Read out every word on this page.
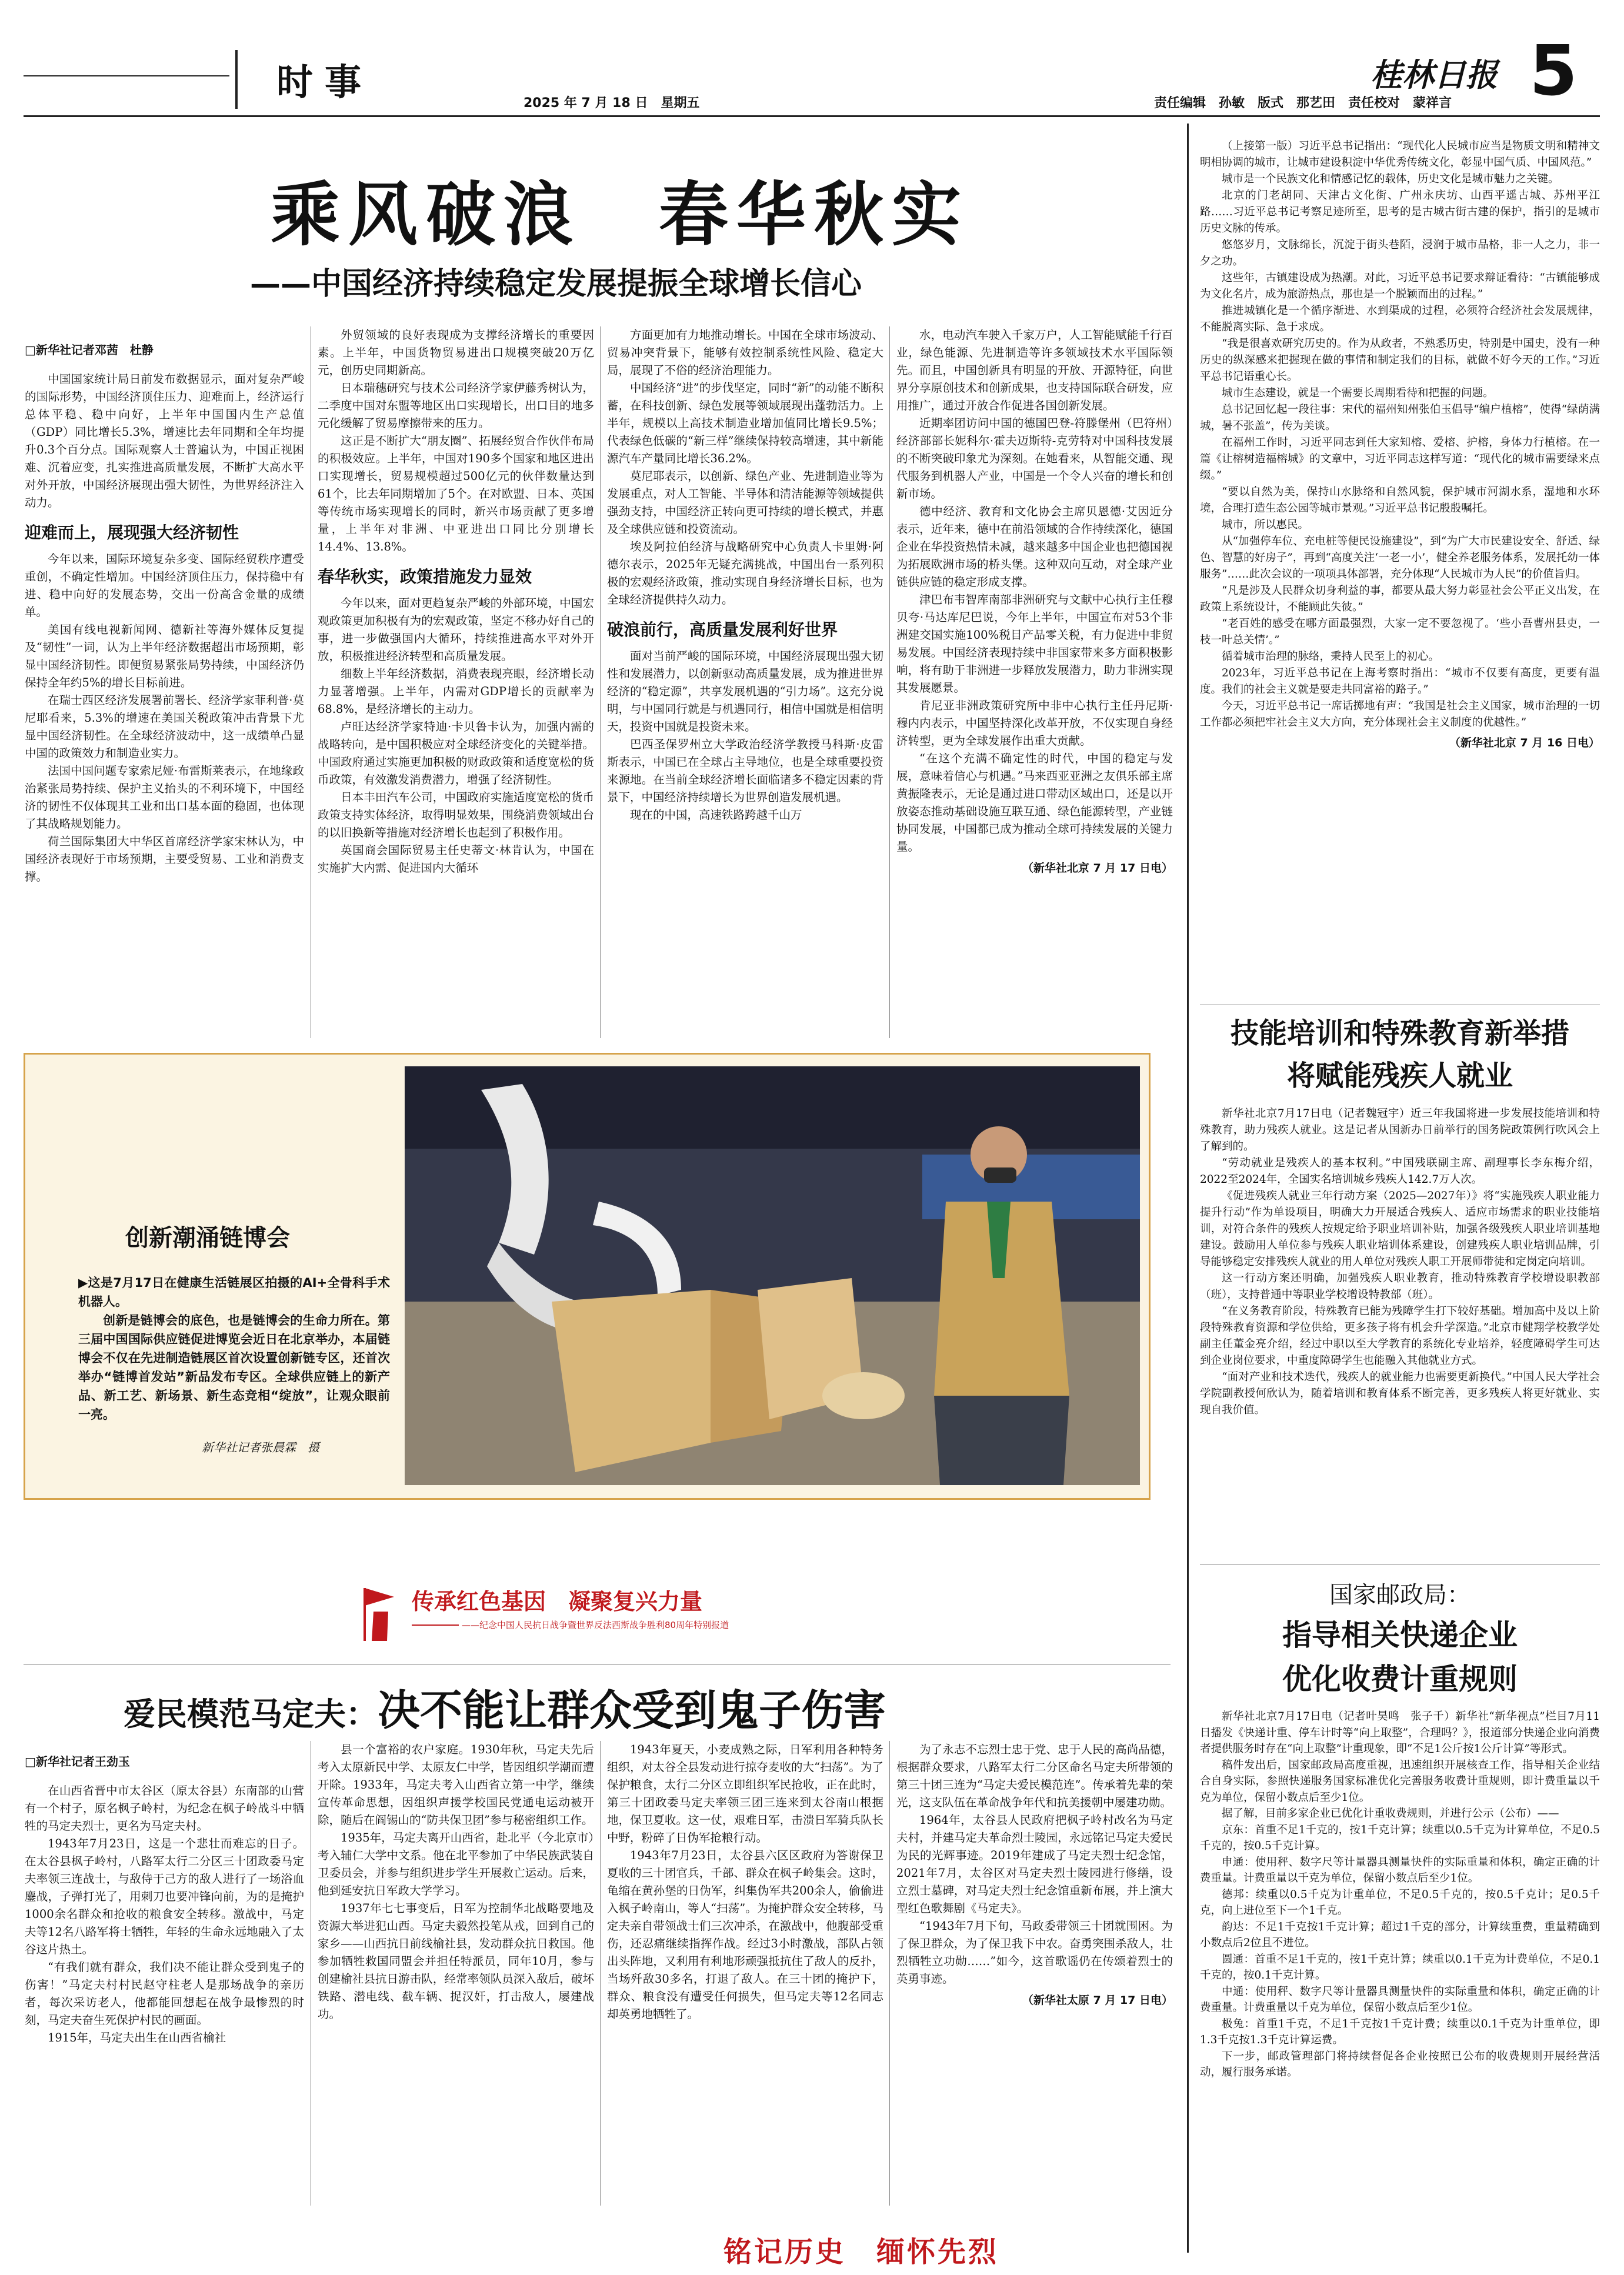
时事	2025 年 7 月 18 日　星期五	责任编辑　孙敏　版式　那艺田　责任校对　蒙祥言
桂林日报 5
乘风破浪　春华秋实
——中国经济持续稳定发展提振全球增长信心
□新华社记者邓茜　杜静

中国国家统计局日前发布数据显示，面对复杂严峻的国际形势，中国经济顶住压力、迎难而上，经济运行总体平稳、稳中向好，上半年中国国内生产总值（GDP）同比增长5.3%，增速比去年同期和全年均提升0.3个百分点。国际观察人士普遍认为，中国正视困难、沉着应变，扎实推进高质量发展，不断扩大高水平对外开放，中国经济展现出强大韧性，为世界经济注入动力。

迎难而上，展现强大经济韧性

今年以来，国际环境复杂多变、国际经贸秩序遭受重创，不确定性增加。中国经济顶住压力，保持稳中有进、稳中向好的发展态势，交出一份高含金量的成绩单。

美国有线电视新闻网、德新社等海外媒体反复提及“韧性”一词，认为上半年经济数据超出市场预期，彰显中国经济韧性。即便贸易紧张局势持续，中国经济仍保持全年约5%的增长目标前进。

在瑞士西区经济发展署前署长、经济学家菲利普·莫尼耶看来，5.3%的增速在美国关税政策冲击背景下尤显中国经济韧性。在全球经济波动中，这一成绩单凸显中国的政策效力和制造业实力。

法国中国问题专家索尼娅·布雷斯莱表示，在地缘政治紧张局势持续、保护主义抬头的不利环境下，中国经济的韧性不仅体现其工业和出口基本面的稳固，也体现了其战略规划能力。

荷兰国际集团大中华区首席经济学家宋林认为，中国经济表现好于市场预期，主要受贸易、工业和消费支撑。

外贸领域的良好表现成为支撑经济增长的重要因素。上半年，中国货物贸易进出口规模突破20万亿元，创历史同期新高。

日本瑞穗研究与技术公司经济学家伊藤秀树认为，二季度中国对东盟等地区出口实现增长，出口目的地多元化缓解了贸易摩擦带来的压力。

这正是不断扩大“朋友圈”、拓展经贸合作伙伴布局的积极效应。上半年，中国对190多个国家和地区进出口实现增长，贸易规模超过500亿元的伙伴数量达到61个，比去年同期增加了5个。在对欧盟、日本、英国等传统市场实现增长的同时，新兴市场贡献了更多增量，上半年对非洲、中亚进出口同比分别增长14.4%、13.8%。

春华秋实，政策措施发力显效

今年以来，面对更趋复杂严峻的外部环境，中国宏观政策更加积极有为的宏观政策，坚定不移办好自己的事，进一步做强国内大循环，持续推进高水平对外开放，积极推进经济转型和高质量发展。

细数上半年经济数据，消费表现亮眼，经济增长动力显著增强。上半年，内需对GDP增长的贡献率为68.8%，是经济增长的主动力。

卢旺达经济学家特迪·卡贝鲁卡认为，加强内需的战略转向，是中国积极应对全球经济变化的关键举措。中国政府通过实施更加积极的财政政策和适度宽松的货币政策，有效激发消费潜力，增强了经济韧性。

日本丰田汽车公司，中国政府实施适度宽松的货币政策支持实体经济，取得明显效果，围绕消费领域出台的以旧换新等措施对经济增长也起到了积极作用。

英国商会国际贸易主任史蒂文·林肯认为，中国在实施扩大内需、促进国内大循环

方面更加有力地推动增长。中国在全球市场波动、贸易冲突背景下，能够有效控制系统性风险、稳定大局，展现了不俗的经济治理能力。

中国经济“进”的步伐坚定，同时“新”的动能不断积蓄，在科技创新、绿色发展等领域展现出蓬勃活力。上半年，规模以上高技术制造业增加值同比增长9.5%；代表绿色低碳的“新三样”继续保持较高增速，其中新能源汽车产量同比增长36.2%。

莫尼耶表示，以创新、绿色产业、先进制造业等为发展重点，对人工智能、半导体和清洁能源等领域提供强劲支持，中国经济正转向更可持续的增长模式，并惠及全球供应链和投资流动。

埃及阿拉伯经济与战略研究中心负责人卡里姆·阿德尔表示，2025年无疑充满挑战，中国出台一系列积极的宏观经济政策，推动实现自身经济增长目标，也为全球经济提供持久动力。

破浪前行，高质量发展利好世界

面对当前严峻的国际环境，中国经济展现出强大韧性和发展潜力，以创新驱动高质量发展，成为推进世界经济的“稳定源”，共享发展机遇的“引力场”。这充分说明，与中国同行就是与机遇同行，相信中国就是相信明天，投资中国就是投资未来。

巴西圣保罗州立大学政治经济学教授马科斯·皮雷斯表示，中国已在全球占主导地位，也是全球重要投资来源地。在当前全球经济增长面临诸多不稳定因素的背景下，中国经济持续增长为世界创造发展机遇。

现在的中国，高速铁路跨越千山万

水，电动汽车驶入千家万户，人工智能赋能千行百业，绿色能源、先进制造等许多领域技术水平国际领先。而且，中国创新具有明显的开放、开源特征，向世界分享原创技术和创新成果，也支持国际联合研发，应用推广，通过开放合作促进各国创新发展。

近期率团访问中国的德国巴登-符滕堡州（巴符州）经济部部长妮科尔·霍夫迈斯特-克劳特对中国科技发展的不断突破印象尤为深刻。在她看来，从智能交通、现代服务到机器人产业，中国是一个令人兴奋的增长和创新市场。

德中经济、教育和文化协会主席贝恩德·艾因近分表示，近年来，德中在前沿领域的合作持续深化，德国企业在华投资热情未减，越来越多中国企业也把德国视为拓展欧洲市场的桥头堡。这种双向互动，对全球产业链供应链的稳定形成支撑。

津巴布韦智库南部非洲研究与文献中心执行主任穆贝夸·马达库尼巴说，今年上半年，中国宣布对53个非洲建交国实施100%税目产品零关税，有力促进中非贸易发展。中国经济表现持续中非国家带来多方面积极影响，将有助于非洲进一步释放发展潜力，助力非洲实现其发展愿景。

肯尼亚非洲政策研究所中非中心执行主任丹尼斯·穆内内表示，中国坚持深化改革开放，不仅实现自身经济转型，更为全球发展作出重大贡献。

“在这个充满不确定性的时代，中国的稳定与发展，意味着信心与机遇。”马来西亚亚洲之友俱乐部主席黄振隆表示，无论是通过进口带动区域出口，还是以开放姿态推动基础设施互联互通、绿色能源转型，产业链协同发展，中国都已成为推动全球可持续发展的关键力量。

（新华社北京 7 月 17 日电）
创新潮涌链博会
▶这是7月17日在健康生活链展区拍摄的AI+全骨科手术机器人。
创新是链博会的底色，也是链博会的生命力所在。第三届中国国际供应链促进博览会近日在北京举办，本届链博会不仅在先进制造链展区首次设置创新链专区，还首次举办“链博首发站”新品发布专区。全球供应链上的新产品、新工艺、新场景、新生态竞相“绽放”，让观众眼前一亮。
新华社记者张晨霖　摄
传承红色基因　凝聚复兴力量
——纪念中国人民抗日战争暨世界反法西斯战争胜利80周年特别报道
爱民模范马定夫：决不能让群众受到鬼子伤害
□新华社记者王劲玉

在山西省晋中市太谷区（原太谷县）东南部的山营有一个村子，原名枫子岭村，为纪念在枫子岭战斗中牺牲的马定夫烈士，更名为马定夫村。

1943年7月23日，这是一个悲壮而难忘的日子。在太谷县枫子岭村，八路军太行二分区三十团政委马定夫率领三连战士，与敌侍于己方的敌人进行了一场浴血鏖战，子弹打光了，用刺刀也要冲锋向前，为的是掩护1000余名群众和抢收的粮食安全转移。激战中，马定夫等12名八路军将士牺牲，年轻的生命永远地融入了太谷这片热土。

“有我们就有群众，我们决不能让群众受到鬼子的伤害！”马定夫村村民赵守柱老人是那场战争的亲历者，每次采访老人，他都能回想起在战争最惨烈的时刻，马定夫奋生死保护村民的画面。

1915年，马定夫出生在山西省榆社

县一个富裕的农户家庭。1930年秋，马定夫先后考入太原新民中学、太原友仁中学，皆因组织学潮而遭开除。1933年，马定夫考入山西省立第一中学，继续宣传革命思想，因组织声援学校国民党通电运动被开除，随后在阎锡山的“防共保卫团”参与秘密组织工作。

1935年，马定夫离开山西省，赴北平（今北京市）考入辅仁大学中文系。他在北平参加了中华民族武装自卫委员会，并参与组织进步学生开展救亡运动。后来，他到延安抗日军政大学学习。

1937年七七事变后，日军为控制华北战略要地及资源大举进犯山西。马定夫毅然投笔从戎，回到自己的家乡——山西抗日前线榆社县，发动群众抗日救国。他参加牺牲救国同盟会并担任特派员，同年10月，参与创建榆社县抗日游击队，经常率领队员深入敌后，破坏铁路、潜电线、截车辆、捉汉奸，打击敌人，屡建战功。

1943年夏天，小麦成熟之际，日军利用各种特务组织，对太谷全县发动进行掠夺麦收的大“扫荡”。为了保护粮食，太行二分区立即组织军民抢收，正在此时，第三十团政委马定夫率领三团三连来到太谷南山根据地，保卫夏收。这一仗，艰难日军，击溃日军骑兵队长中野，粉碎了日伪军抢粮行动。

1943年7月23日，太谷县六区区政府为答谢保卫夏收的三十团官兵，千部、群众在枫子岭集会。这时，龟缩在黄孙堡的日伪军，纠集伪军共200余人，偷偷进入枫子岭南山，等人“扫荡”。为掩护群众安全转移，马定夫亲自带领战士们三次冲杀，在激战中，他腹部受重伤，还忍痛继续指挥作战。经过3小时激战，部队占领出头阵地，又利用有利地形顽强抵抗住了敌人的反扑，当场歼敌30多名，打退了敌人。在三十团的掩护下，群众、粮食没有遭受任何损失，但马定夫等12名同志却英勇地牺牲了。

为了永志不忘烈士忠于党、忠于人民的高尚品德，根据群众要求，八路军太行二分区命名马定夫所带领的第三十团三连为“马定夫爱民模范连”。传承着先辈的荣光，这支队伍在革命战争年代和抗美援朝中屡建功勋。

1964年，太谷县人民政府把枫子岭村改名为马定夫村，并建马定夫革命烈士陵园，永远铭记马定夫爱民为民的光辉事迹。2019年建成了马定夫烈士纪念馆，2021年7月，太谷区对马定夫烈士陵园进行修缮，设立烈士墓碑，对马定夫烈士纪念馆重新布展，并上演大型红色歌舞剧《马定夫》。

“1943年7月下旬，马政委带领三十团就围困。为了保卫群众，为了保卫我下中农。奋勇突围杀敌人，壮烈牺牲立功勋……”如今，这首歌谣仍在传颂着烈士的英勇事迹。

（新华社太原 7 月 17 日电）
铭记历史　缅怀先烈

（上接第一版）习近平总书记指出：“现代化人民城市应当是物质文明和精神文明相协调的城市，让城市建设积淀中华优秀传统文化，彰显中国气质、中国风范。”

城市是一个民族文化和情感记忆的载体，历史文化是城市魅力之关键。

北京的门老胡同、天津古文化街、广州永庆坊、山西平遥古城、苏州平江路……习近平总书记考察足迹所至，思考的是古城古街古建的保护，指引的是城市历史文脉的传承。

悠悠岁月，文脉绵长，沉淀于街头巷陌，浸润于城市品格，非一人之力，非一夕之功。

这些年，古镇建设成为热潮。对此，习近平总书记要求辩证看待：“古镇能够成为文化名片，成为旅游热点，那也是一个脱颖而出的过程。”

推进城镇化是一个循序渐进、水到渠成的过程，必须符合经济社会发展规律，不能脱离实际、急于求成。

“我是很喜欢研究历史的。作为从政者，不熟悉历史，特别是中国史，没有一种历史的纵深感来把握现在做的事情和制定我们的目标，就做不好今天的工作。”习近平总书记语重心长。

城市生态建设，就是一个需要长周期看待和把握的问题。

总书记回忆起一段往事：宋代的福州知州张伯玉倡导“编户植榕”，使得“绿荫满城，暑不张盖”，传为美谈。

在福州工作时，习近平同志到任大家知榕、爱榕、护榕，身体力行植榕。在一篇《让榕树造福榕城》的文章中，习近平同志这样写道：“现代化的城市需要绿来点缀。”

“要以自然为美，保持山水脉络和自然风貌，保护城市河湖水系，湿地和水环境，合理打造生态公园等城市景观。”习近平总书记殷殷嘱托。

城市，所以惠民。

从“加强停车位、充电桩等便民设施建设”，到“为广大市民建设安全、舒适、绿色、智慧的好房子”，再到“高度关注‘一老一小’，健全养老服务体系，发展托幼一体服务”……此次会议的一项项具体部署，充分体现“人民城市为人民”的价值旨归。

“凡是涉及人民群众切身利益的事，都要从最大努力彰显社会公平正义出发，在政策上系统设计，不能顾此失彼。”

“老百姓的感受在哪方面最强烈，大家一定不要忽视了。‘些小吾曹州县吏，一枝一叶总关情’。”

循着城市治理的脉络，秉持人民至上的初心。

2023年，习近平总书记在上海考察时指出：“城市不仅要有高度，更要有温度。我们的社会主义就是要走共同富裕的路子。”

今天，习近平总书记一席话掷地有声：“我国是社会主义国家，城市治理的一切工作都必须把牢社会主义大方向，充分体现社会主义制度的优越性。”

（新华社北京 7 月 16 日电）
技能培训和特殊教育新举措
将赋能残疾人就业

新华社北京7月17日电（记者魏冠宇）近三年我国将进一步发展技能培训和特殊教育，助力残疾人就业。这是记者从国新办日前举行的国务院政策例行吹风会上了解到的。

“劳动就业是残疾人的基本权利。”中国残联副主席、副理事长李东梅介绍，2022至2024年，全国实名培训城乡残疾人142.7万人次。

《促进残疾人就业三年行动方案（2025—2027年）》将“实施残疾人职业能力提升行动”作为单设项目，明确大力开展适合残疾人、适应市场需求的职业技能培训，对符合条件的残疾人按规定给予职业培训补贴，加强各级残疾人职业培训基地建设。鼓励用人单位参与残疾人职业培训体系建设，创建残疾人职业培训品牌，引导能够稳定安排残疾人就业的用人单位对残疾人职工开展师带徒和定岗定向培训。

这一行动方案还明确，加强残疾人职业教育，推动特殊教育学校增设职教部（班），支持普通中等职业学校增设特教部（班）。

“在义务教育阶段，特殊教育已能为残障学生打下较好基础。增加高中及以上阶段特殊教育资源和学位供给，更多孩子将有机会升学深造。”北京市健翔学校教学处副主任董金亮介绍，经过中职以至大学教育的系统化专业培养，轻度障碍学生可达到企业岗位要求，中重度障碍学生也能融入其他就业方式。

“面对产业和技术迭代，残疾人的就业能力也需要更新换代。”中国人民大学社会学院副教授何欣认为，随着培训和教育体系不断完善，更多残疾人将更好就业、实现自我价值。

国家邮政局：
指导相关快递企业
优化收费计重规则

新华社北京7月17日电（记者叶昊鸣　张子千）新华社“新华视点”栏目7月11日播发《快递计重、停车计时等“向上取整”，合理吗？》，报道部分快递企业向消费者提供服务时存在“向上取整”计重现象，即“不足1公斤按1公斤计算”等形式。

稿件发出后，国家邮政局高度重视，迅速组织开展核查工作，指导相关企业结合自身实际，参照快递服务国家标准优化完善服务收费计重规则，即计费重量以千克为单位，保留小数点后至少1位。

据了解，目前多家企业已优化计重收费规则，并进行公示（公布）——

京东：首重不足1千克的，按1千克计算；续重以0.5千克为计算单位，不足0.5千克的，按0.5千克计算。

申通：使用秤、数字尺等计量器具测量快件的实际重量和体积，确定正确的计费重量。计费重量以千克为单位，保留小数点后至少1位。

德邦：续重以0.5千克为计重单位，不足0.5千克的，按0.5千克计；足0.5千克，向上进位至下一个1千克。

韵达：不足1千克按1千克计算；超过1千克的部分，计算续重费，重量精确到小数点后2位且不进位。

圆通：首重不足1千克的，按1千克计算；续重以0.1千克为计费单位，不足0.1千克的，按0.1千克计算。

中通：使用秤、数字尺等计量器具测量快件的实际重量和体积，确定正确的计费重量。计费重量以千克为单位，保留小数点后至少1位。

极兔：首重1千克，不足1千克按1千克计费；续重以0.1千克为计重单位，即1.3千克按1.3千克计算运费。

下一步，邮政管理部门将持续督促各企业按照已公布的收费规则开展经营活动，履行服务承诺。
